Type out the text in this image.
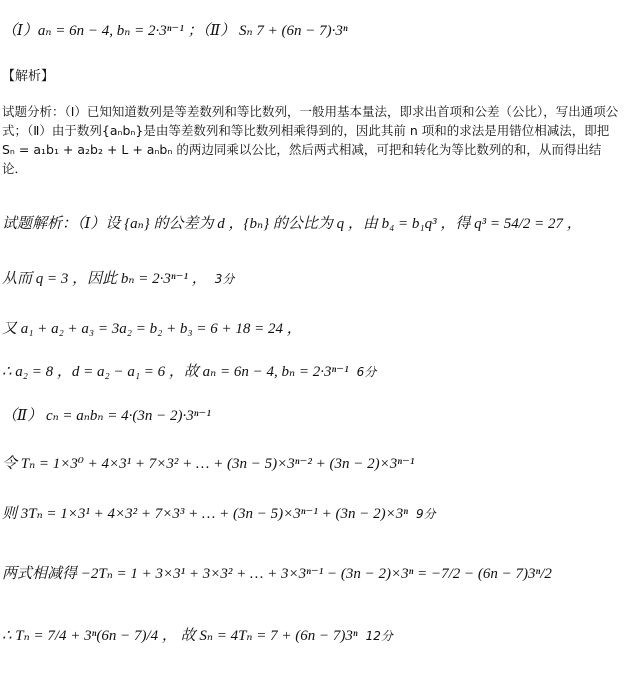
（Ⅰ）aₙ = 6n − 4, bₙ = 2·3ⁿ⁻¹ ；（Ⅱ） Sₙ 7 + (6n − 7)·3ⁿ
【解析】
试题分析：（Ⅰ）已知知道数列是等差数列和等比数列，一般用基本量法，即求出首项和公差（公比），写出通项公式；（Ⅱ）由于数列{aₙbₙ}是由等差数列和等比数列相乘得到的，因此其前 n 项和的求法是用错位相减法，即把 Sₙ = a₁b₁ + a₂b₂ + L + aₙbₙ 的两边同乘以公比，然后两式相减，可把和转化为等比数列的和，从而得出结论．
试题解析：（Ⅰ）设 {aₙ} 的公差为 d ，{bₙ} 的公比为 q ，由 b₄ = b₁q³ ，得 q³ = 54/2 = 27 ，
从而 q = 3 ，因此 bₙ = 2·3ⁿ⁻¹ ， 3分
又 a₁ + a₂ + a₃ = 3a₂ = b₂ + b₃ = 6 + 18 = 24 ，
∴ a₂ = 8 ，d = a₂ − a₁ = 6 ，故 aₙ = 6n − 4, bₙ = 2·3ⁿ⁻¹ 6分
（Ⅱ） cₙ = aₙbₙ = 4·(3n − 2)·3ⁿ⁻¹
令 Tₙ = 1×3⁰ + 4×3¹ + 7×3² + … + (3n − 5)×3ⁿ⁻² + (3n − 2)×3ⁿ⁻¹
则 3Tₙ = 1×3¹ + 4×3² + 7×3³ + … + (3n − 5)×3ⁿ⁻¹ + (3n − 2)×3ⁿ 9分
两式相减得 −2Tₙ = 1 + 3×3¹ + 3×3² + … + 3×3ⁿ⁻¹ − (3n − 2)×3ⁿ = −7/2 − (6n − 7)3ⁿ/2
∴ Tₙ = 7/4 + 3ⁿ(6n − 7)/4 ， 故 Sₙ = 4Tₙ = 7 + (6n − 7)3ⁿ 12分
